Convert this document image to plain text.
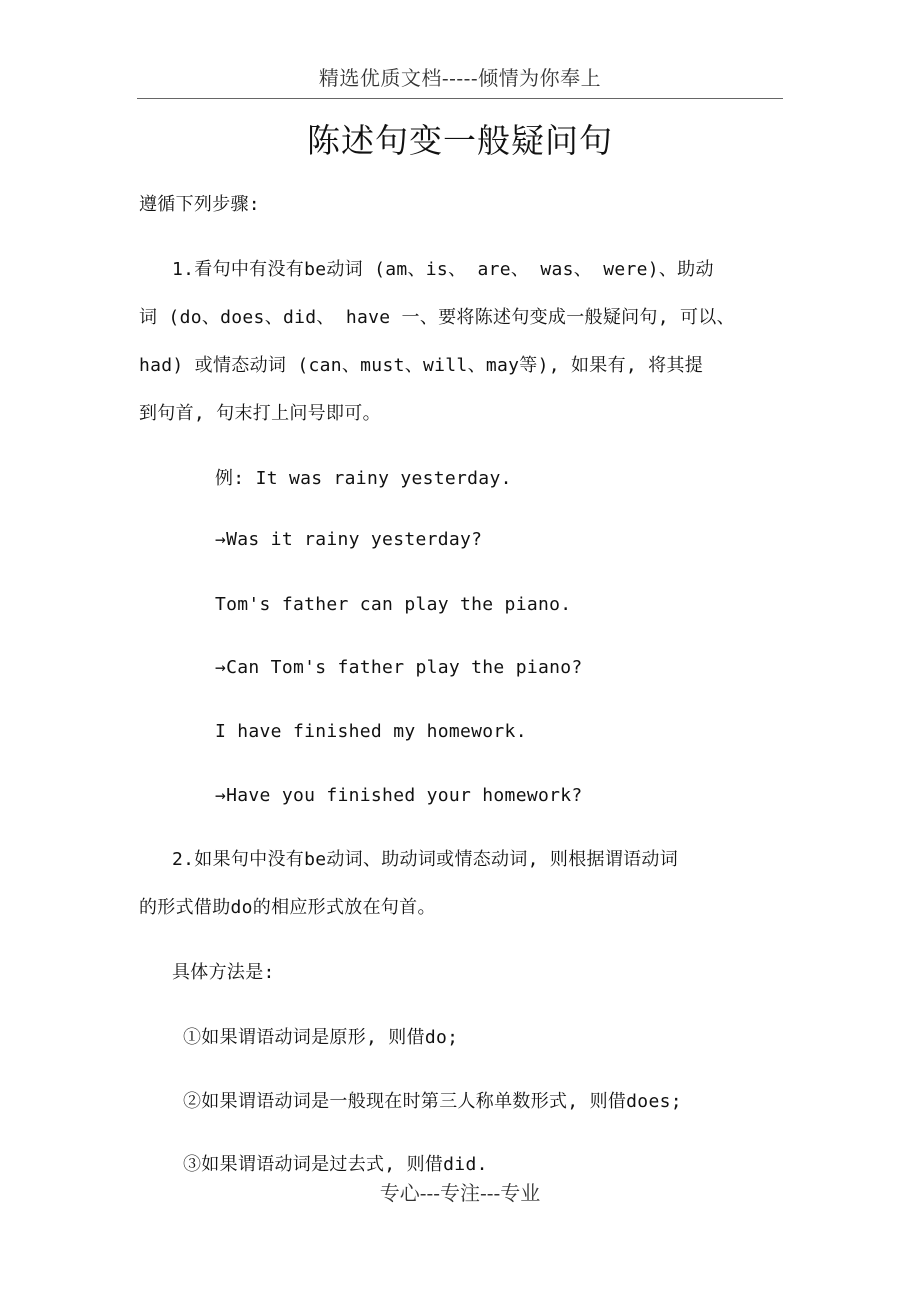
精选优质文档-----倾情为你奉上
陈述句变一般疑问句
遵循下列步骤:
1.看句中有没有be动词 (am、is、 are、 was、 were)、助动
词 (do、does、did、 have 一、要将陈述句变成一般疑问句, 可以、
had) 或情态动词 (can、must、will、may等), 如果有, 将其提
到句首, 句末打上问号即可。
例: It was rainy yesterday.
→Was it rainy yesterday?
Tom's father can play the piano.
→Can Tom's father play the piano?
I have finished my homework.
→Have you finished your homework?
2.如果句中没有be动词、助动词或情态动词, 则根据谓语动词
的形式借助do的相应形式放在句首。
具体方法是:
①如果谓语动词是原形, 则借do;
②如果谓语动词是一般现在时第三人称单数形式, 则借does;
③如果谓语动词是过去式, 则借did.
专心---专注---专业
